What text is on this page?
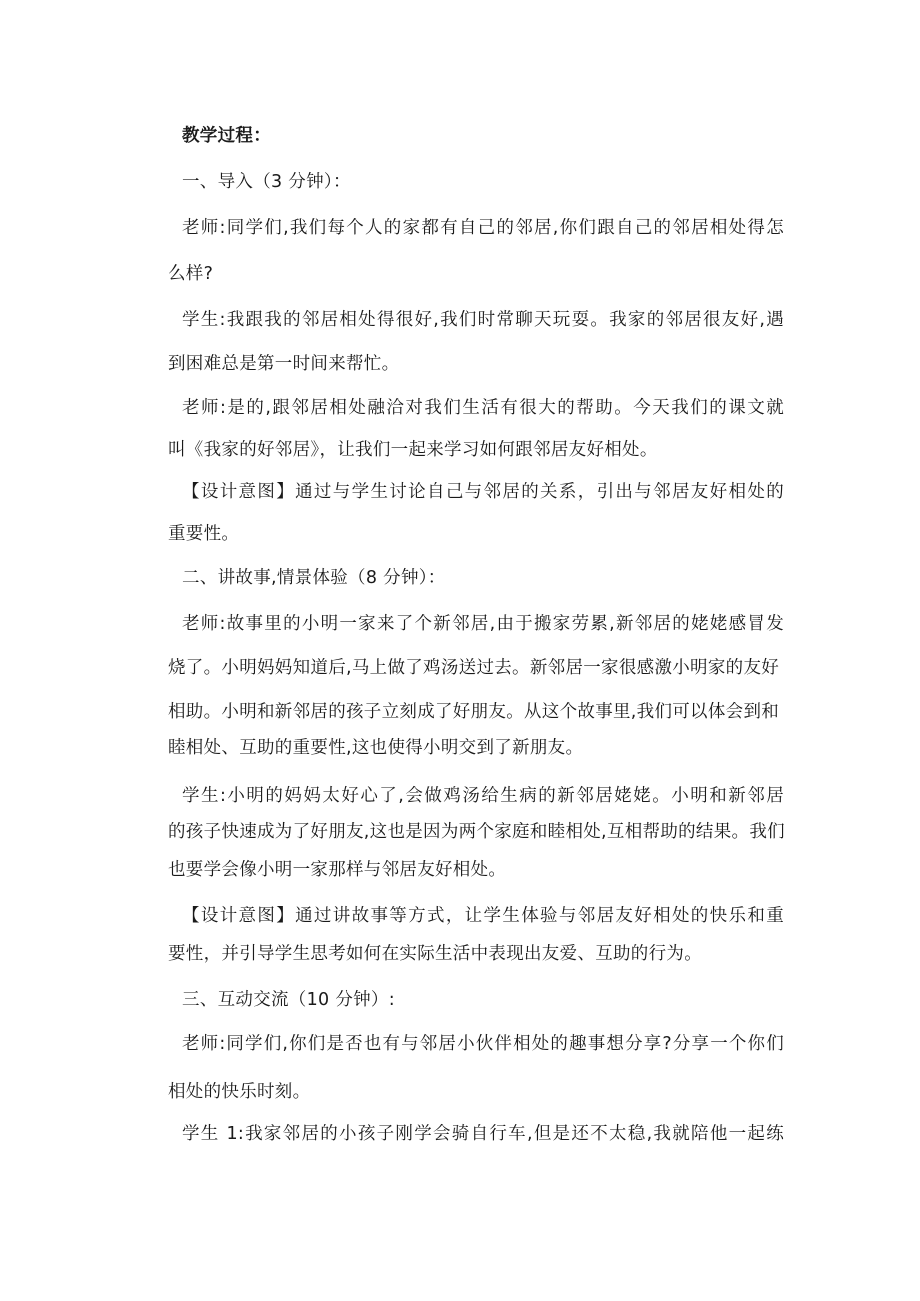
教学过程：
一、导入（3 分钟）：
老师:同学们,我们每个人的家都有自己的邻居,你们跟自己的邻居相处得怎
么样?
学生:我跟我的邻居相处得很好,我们时常聊天玩耍。我家的邻居很友好,遇
到困难总是第一时间来帮忙。
老师:是的,跟邻居相处融洽对我们生活有很大的帮助。今天我们的课文就
叫《我家的好邻居》，让我们一起来学习如何跟邻居友好相处。
【设计意图】通过与学生讨论自己与邻居的关系，引出与邻居友好相处的
重要性。
二、讲故事,情景体验（8 分钟）：
老师:故事里的小明一家来了个新邻居,由于搬家劳累,新邻居的姥姥感冒发
烧了。小明妈妈知道后,马上做了鸡汤送过去。新邻居一家很感激小明家的友好
相助。小明和新邻居的孩子立刻成了好朋友。从这个故事里,我们可以体会到和
睦相处、互助的重要性,这也使得小明交到了新朋友。
学生:小明的妈妈太好心了,会做鸡汤给生病的新邻居姥姥。小明和新邻居
的孩子快速成为了好朋友,这也是因为两个家庭和睦相处,互相帮助的结果。我们
也要学会像小明一家那样与邻居友好相处。
【设计意图】通过讲故事等方式，让学生体验与邻居友好相处的快乐和重
要性，并引导学生思考如何在实际生活中表现出友爱、互助的行为。
三、互动交流（10 分钟）:
老师:同学们,你们是否也有与邻居小伙伴相处的趣事想分享?分享一个你们
相处的快乐时刻。
学生 1:我家邻居的小孩子刚学会骑自行车,但是还不太稳,我就陪他一起练
